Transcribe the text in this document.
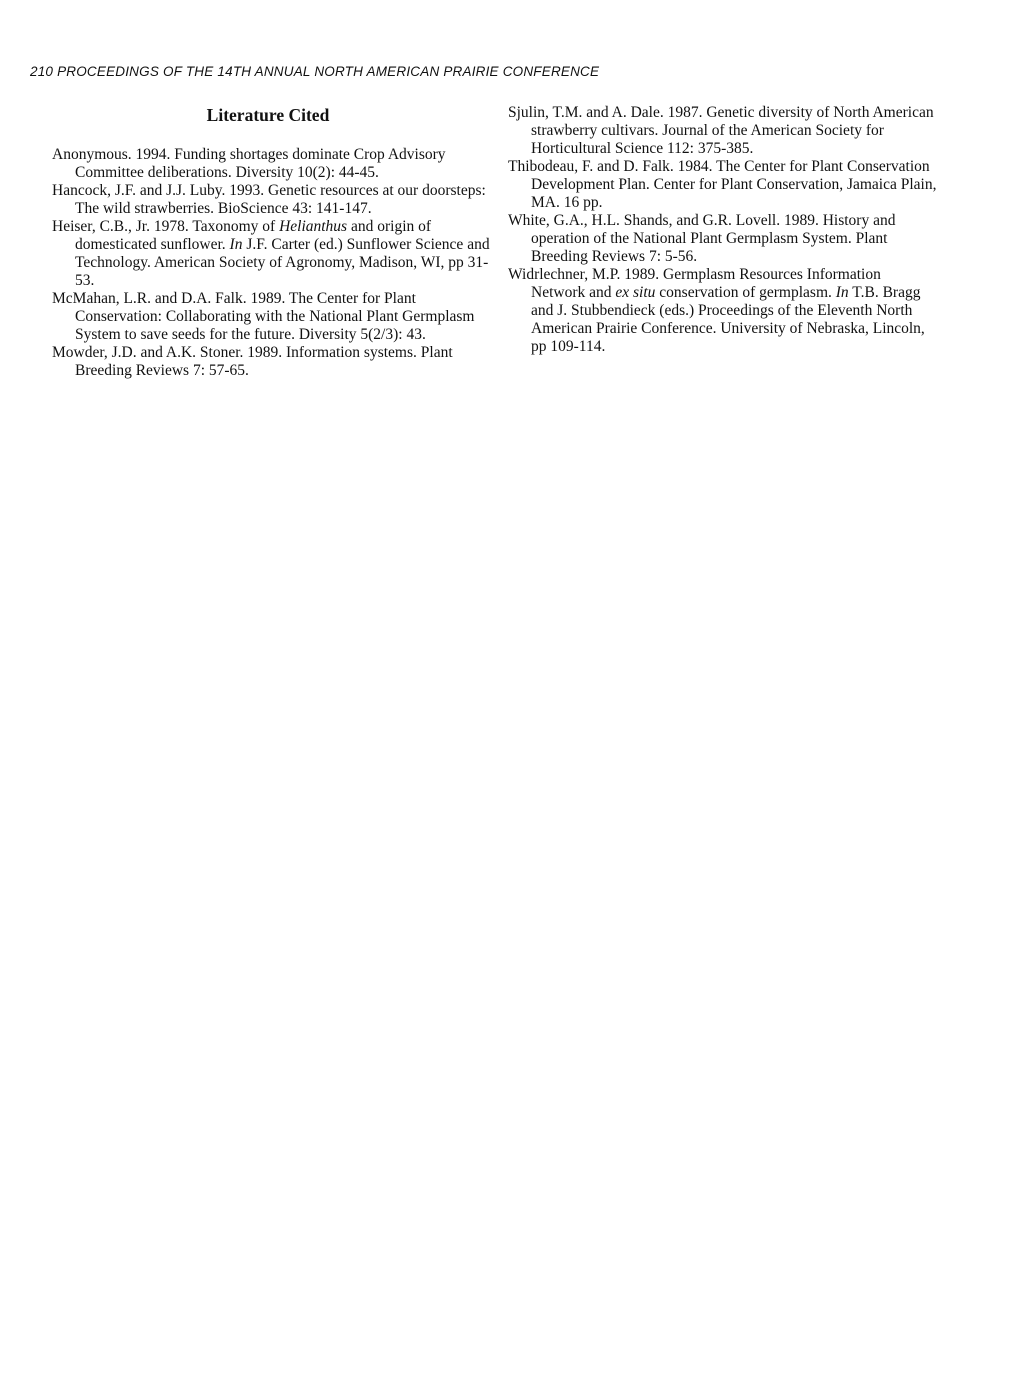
210 PROCEEDINGS OF THE 14TH ANNUAL NORTH AMERICAN PRAIRIE CONFERENCE
Literature Cited

Anonymous. 1994. Funding shortages dominate Crop Advisory Committee deliberations. Diversity 10(2): 44-45.

Hancock, J.F. and J.J. Luby. 1993. Genetic resources at our doorsteps: The wild strawberries. BioScience 43: 141-147.

Heiser, C.B., Jr. 1978. Taxonomy of Helianthus and origin of domesticated sunflower. In J.F. Carter (ed.) Sunflower Science and Technology. American Society of Agronomy, Madison, WI, pp 31-53.

McMahan, L.R. and D.A. Falk. 1989. The Center for Plant Conservation: Collaborating with the National Plant Germplasm System to save seeds for the future. Diversity 5(2/3): 43.

Mowder, J.D. and A.K. Stoner. 1989. Information systems. Plant Breeding Reviews 7: 57-65.

Sjulin, T.M. and A. Dale. 1987. Genetic diversity of North American strawberry cultivars. Journal of the American Society for Horticultural Science 112: 375-385.

Thibodeau, F. and D. Falk. 1984. The Center for Plant Conservation Development Plan. Center for Plant Conservation, Jamaica Plain, MA. 16 pp.

White, G.A., H.L. Shands, and G.R. Lovell. 1989. History and operation of the National Plant Germplasm System. Plant Breeding Reviews 7: 5-56.

Widrlechner, M.P. 1989. Germplasm Resources Information Network and ex situ conservation of germplasm. In T.B. Bragg and J. Stubbendieck (eds.) Proceedings of the Eleventh North American Prairie Conference. University of Nebraska, Lincoln, pp 109-114.
